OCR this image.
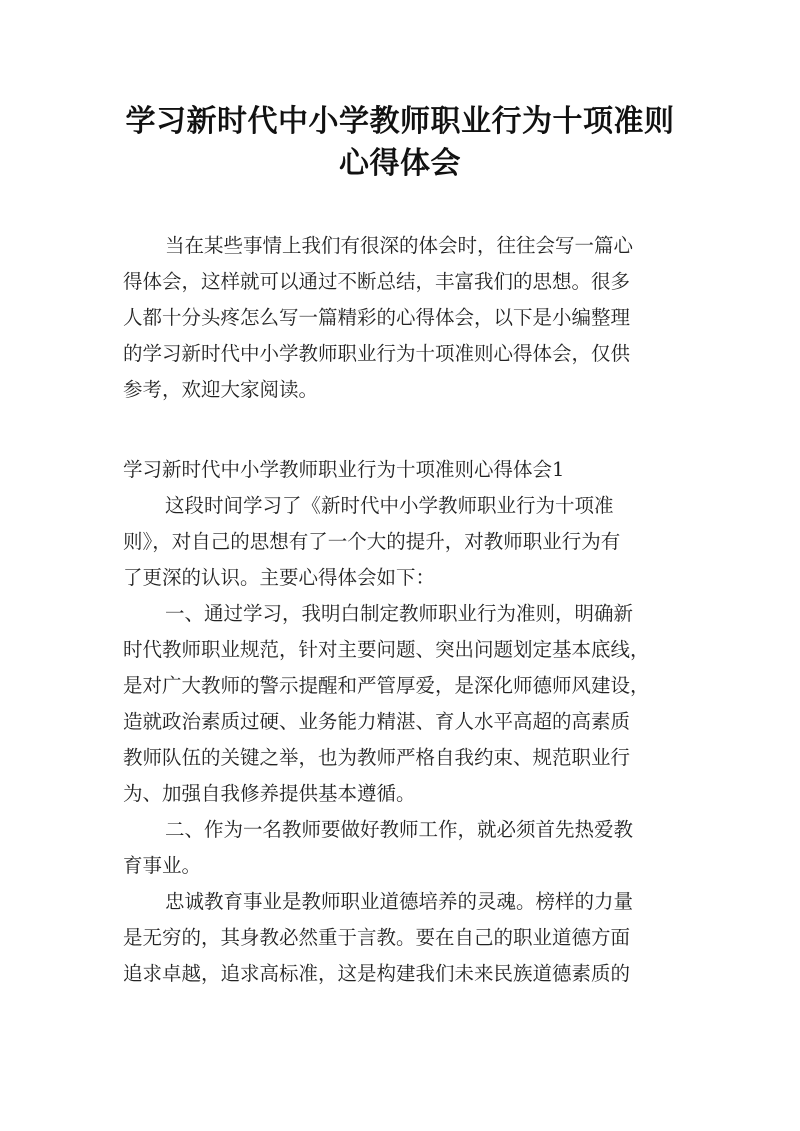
学习新时代中小学教师职业行为十项准则
心得体会
当在某些事情上我们有很深的体会时，往往会写一篇心
得体会，这样就可以通过不断总结，丰富我们的思想。很多
人都十分头疼怎么写一篇精彩的心得体会，以下是小编整理
的学习新时代中小学教师职业行为十项准则心得体会，仅供
参考，欢迎大家阅读。
学习新时代中小学教师职业行为十项准则心得体会1
这段时间学习了《新时代中小学教师职业行为十项准
则》，对自己的思想有了一个大的提升，对教师职业行为有
了更深的认识。主要心得体会如下：
一、通过学习，我明白制定教师职业行为准则，明确新
时代教师职业规范，针对主要问题、突出问题划定基本底线，
是对广大教师的警示提醒和严管厚爱，是深化师德师风建设，
造就政治素质过硬、业务能力精湛、育人水平高超的高素质
教师队伍的关键之举，也为教师严格自我约束、规范职业行
为、加强自我修养提供基本遵循。
二、作为一名教师要做好教师工作，就必须首先热爱教
育事业。
忠诚教育事业是教师职业道德培养的灵魂。榜样的力量
是无穷的，其身教必然重于言教。要在自己的职业道德方面
追求卓越，追求高标准，这是构建我们未来民族道德素质的
